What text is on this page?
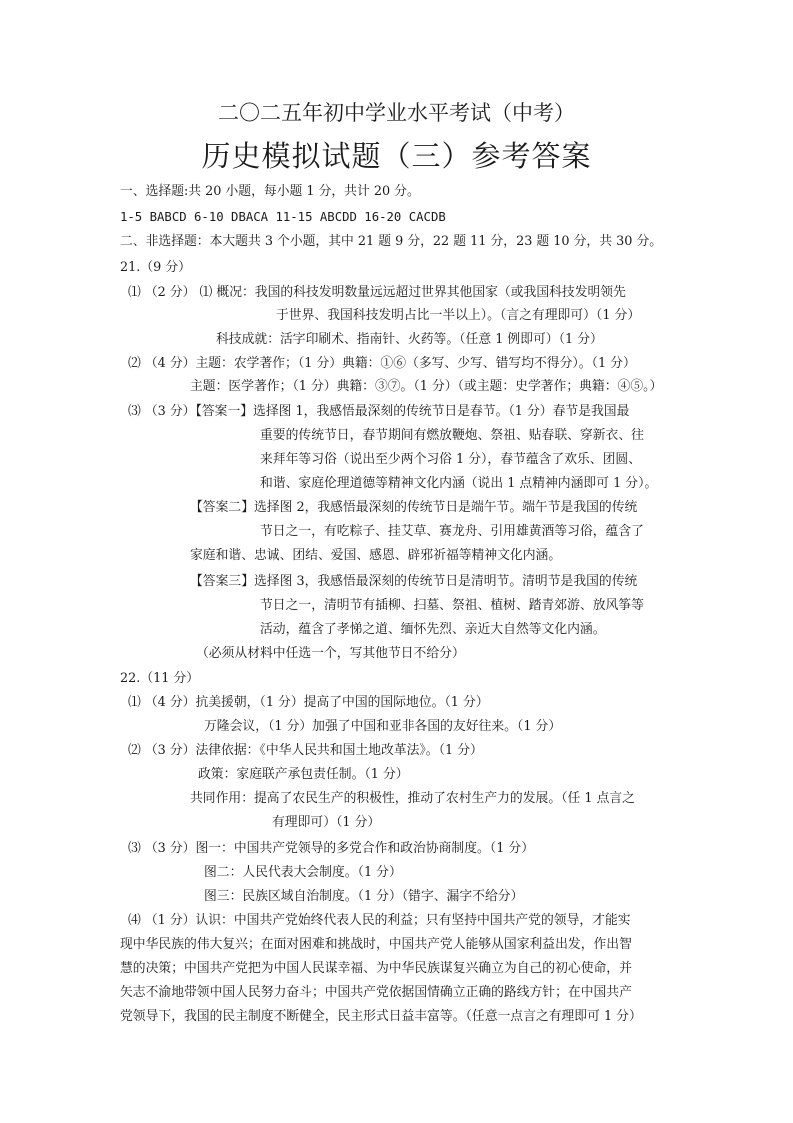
二〇二五年初中学业水平考试（中考）
历史模拟试题（三）参考答案
一、选择题:共 20 小题，每小题 1 分，共计 20 分。
1-5 BABCD 6-10 DBACA 11-15 ABCDD 16-20 CACDB
二、非选择题：本大题共 3 个小题，其中 21 题 9 分，22 题 11 分，23 题 10 分，共 30 分。
21.（9 分）
⑴ （2 分） ⑴ 概况：我国的科技发明数量远远超过世界其他国家（或我国科技发明领先
于世界、我国科技发明占比一半以上）。（言之有理即可）（1 分）
科技成就：活字印刷术、指南针、火药等。（任意 1 例即可）（1 分）
⑵ （4 分）主题：农学著作；（1 分）典籍：①⑥（多写、少写、错写均不得分）。（1 分）
主题：医学著作；（1 分）典籍：③⑦。（1 分）（或主题：史学著作；典籍：④⑤。）
⑶ （3 分）【答案一】选择图 1，我感悟最深刻的传统节日是春节。（1 分）春节是我国最
重要的传统节日，春节期间有燃放鞭炮、祭祖、贴春联、穿新衣、往
来拜年等习俗（说出至少两个习俗 1 分），春节蕴含了欢乐、团圆、
和谐、家庭伦理道德等精神文化内涵（说出 1 点精神内涵即可 1 分）。
【答案二】选择图 2，我感悟最深刻的传统节日是端午节。端午节是我国的传统
节日之一，有吃粽子、挂艾草、赛龙舟、引用雄黄酒等习俗，蕴含了
家庭和谐、忠诚、团结、爱国、感恩、辟邪祈福等精神文化内涵。
【答案三】选择图 3，我感悟最深刻的传统节日是清明节。清明节是我国的传统
节日之一，清明节有插柳、扫墓、祭祖、植树、踏青郊游、放风筝等
活动，蕴含了孝悌之道、缅怀先烈、亲近大自然等文化内涵。
（必须从材料中任选一个，写其他节日不给分）
22.（11 分）
⑴ （4 分）抗美援朝，（1 分）提高了中国的国际地位。（1 分）
万隆会议，（1 分）加强了中国和亚非各国的友好往来。（1 分）
⑵ （3 分）法律依据：《中华人民共和国土地改革法》。（1 分）
政策：家庭联产承包责任制。（1 分）
共同作用：提高了农民生产的积极性，推动了农村生产力的发展。（任 1 点言之
有理即可）（1 分）
⑶ （3 分）图一：中国共产党领导的多党合作和政治协商制度。（1 分）
图二：人民代表大会制度。（1 分）
图三：民族区域自治制度。（1 分）（错字、漏字不给分）
⑷ （1 分）认识：中国共产党始终代表人民的利益；只有坚持中国共产党的领导，才能实
现中华民族的伟大复兴；在面对困难和挑战时，中国共产党人能够从国家利益出发，作出智
慧的决策；中国共产党把为中国人民谋幸福、为中华民族谋复兴确立为自己的初心使命，并
矢志不渝地带领中国人民努力奋斗；中国共产党依据国情确立正确的路线方针；在中国共产
党领导下，我国的民主制度不断健全，民主形式日益丰富等。（任意一点言之有理即可 1 分）
